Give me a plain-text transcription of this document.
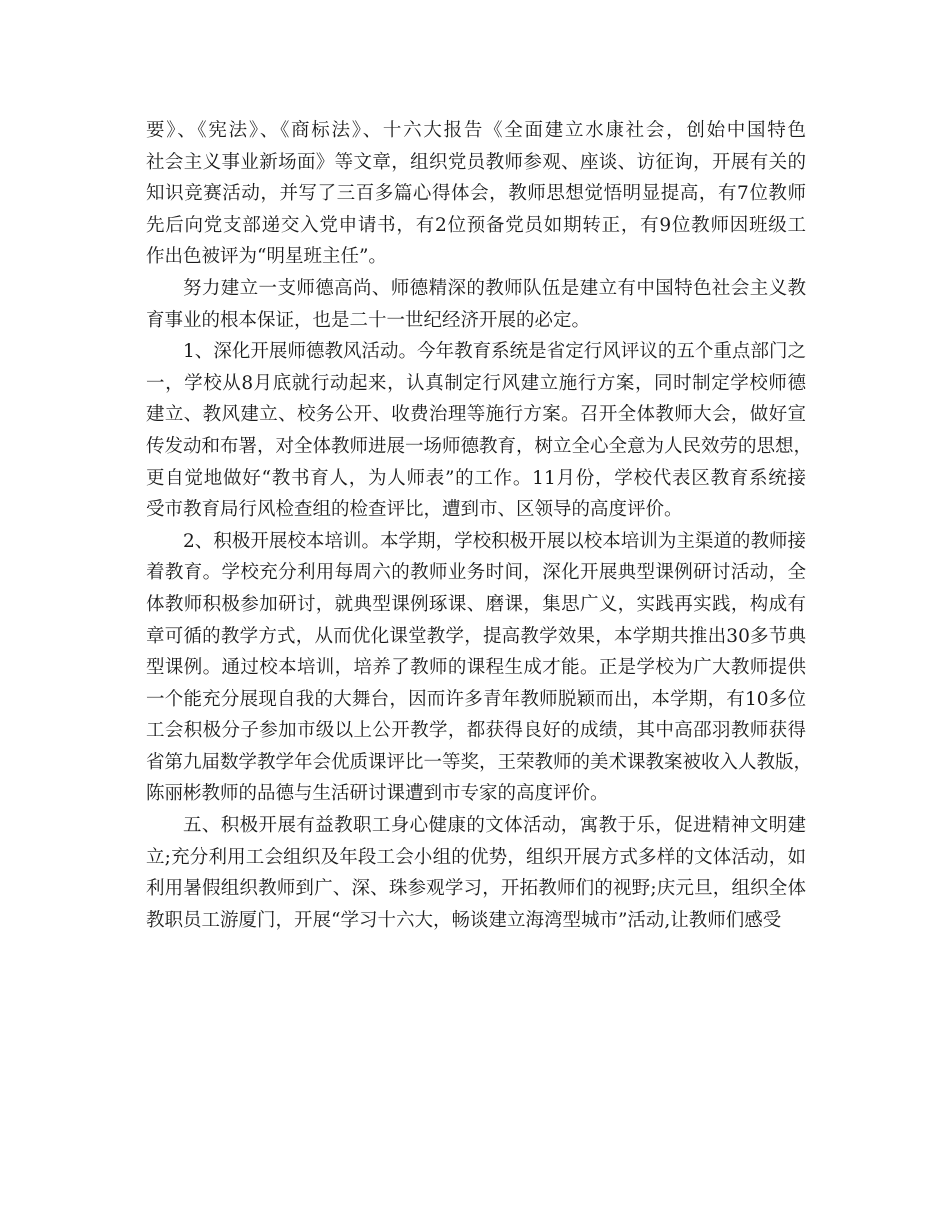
要》、《宪法》、《商标法》、十六大报告《全面建立水康社会，创始中国特色
社会主义事业新场面》等文章，组织党员教师参观、座谈、访征询，开展有关的
知识竞赛活动，并写了三百多篇心得体会，教师思想觉悟明显提高，有7位教师
先后向党支部递交入党申请书，有2位预备党员如期转正，有9位教师因班级工
作出色被评为“明星班主任”。
努力建立一支师德高尚、师德精深的教师队伍是建立有中国特色社会主义教
育事业的根本保证，也是二十一世纪经济开展的必定。
1、深化开展师德教风活动。今年教育系统是省定行风评议的五个重点部门之
一，学校从8月底就行动起来，认真制定行风建立施行方案，同时制定学校师德
建立、教风建立、校务公开、收费治理等施行方案。召开全体教师大会，做好宣
传发动和布署，对全体教师进展一场师德教育，树立全心全意为人民效劳的思想，
更自觉地做好“教书育人，为人师表”的工作。11月份，学校代表区教育系统接
受市教育局行风检查组的检查评比，遭到市、区领导的高度评价。
2、积极开展校本培训。本学期，学校积极开展以校本培训为主渠道的教师接
着教育。学校充分利用每周六的教师业务时间，深化开展典型课例研讨活动，全
体教师积极参加研讨，就典型课例琢课、磨课，集思广义，实践再实践，构成有
章可循的教学方式，从而优化课堂教学，提高教学效果，本学期共推出30多节典
型课例。通过校本培训，培养了教师的课程生成才能。正是学校为广大教师提供
一个能充分展现自我的大舞台，因而许多青年教师脱颖而出，本学期，有10多位
工会积极分子参加市级以上公开教学，都获得良好的成绩，其中高邵羽教师获得
省第九届数学教学年会优质课评比一等奖，王荣教师的美术课教案被收入人教版，
陈丽彬教师的品德与生活研讨课遭到市专家的高度评价。
五、积极开展有益教职工身心健康的文体活动，寓教于乐，促进精神文明建
立;充分利用工会组织及年段工会小组的优势，组织开展方式多样的文体活动，如
利用暑假组织教师到广、深、珠参观学习，开拓教师们的视野;庆元旦，组织全体
教职员工游厦门，开展“学习十六大，畅谈建立海湾型城市”活动,让教师们感受
